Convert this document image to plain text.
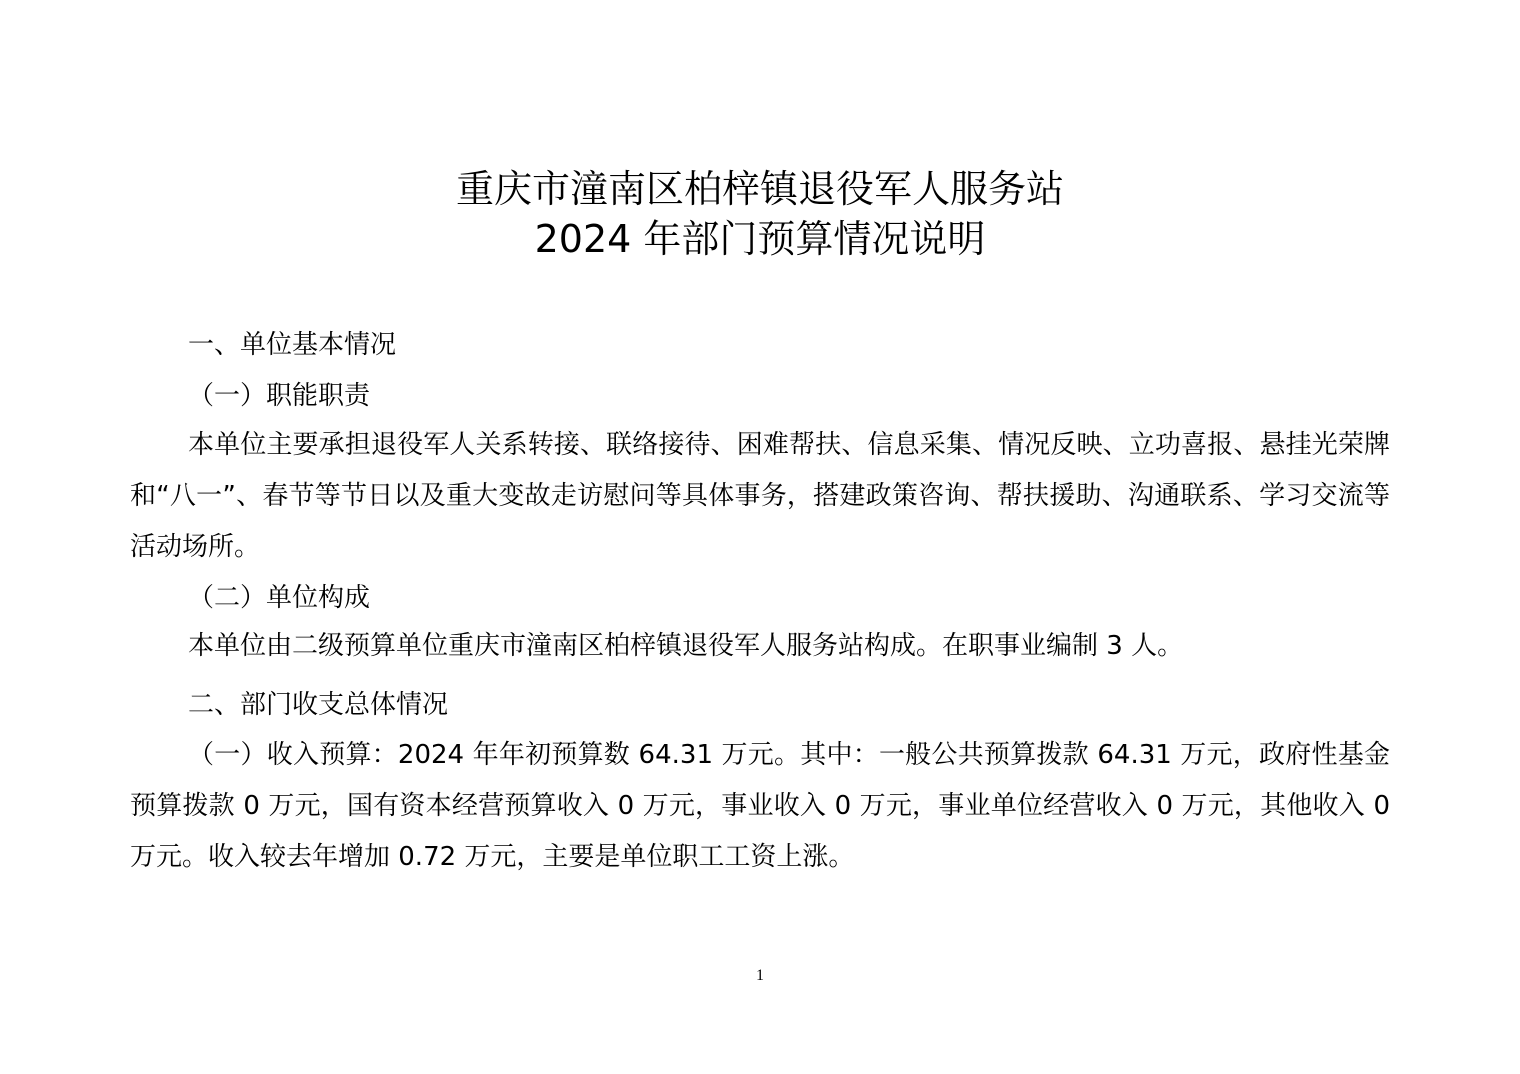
重庆市潼南区柏梓镇退役军人服务站
2024 年部门预算情况说明

一、单位基本情况

（一）职能职责

本单位主要承担退役军人关系转接、联络接待、困难帮扶、信息采集、情况反映、立功喜报、悬挂光荣牌和“八一”、春节等节日以及重大变故走访慰问等具体事务，搭建政策咨询、帮扶援助、沟通联系、学习交流等活动场所。

（二）单位构成

本单位由二级预算单位重庆市潼南区柏梓镇退役军人服务站构成。在职事业编制 3 人。

二、部门收支总体情况

（一）收入预算：2024 年年初预算数 64.31 万元。其中：一般公共预算拨款 64.31 万元，政府性基金预算拨款 0 万元，国有资本经营预算收入 0 万元，事业收入 0 万元，事业单位经营收入 0 万元，其他收入 0 万元。收入较去年增加 0.72 万元，主要是单位职工工资上涨。

1
